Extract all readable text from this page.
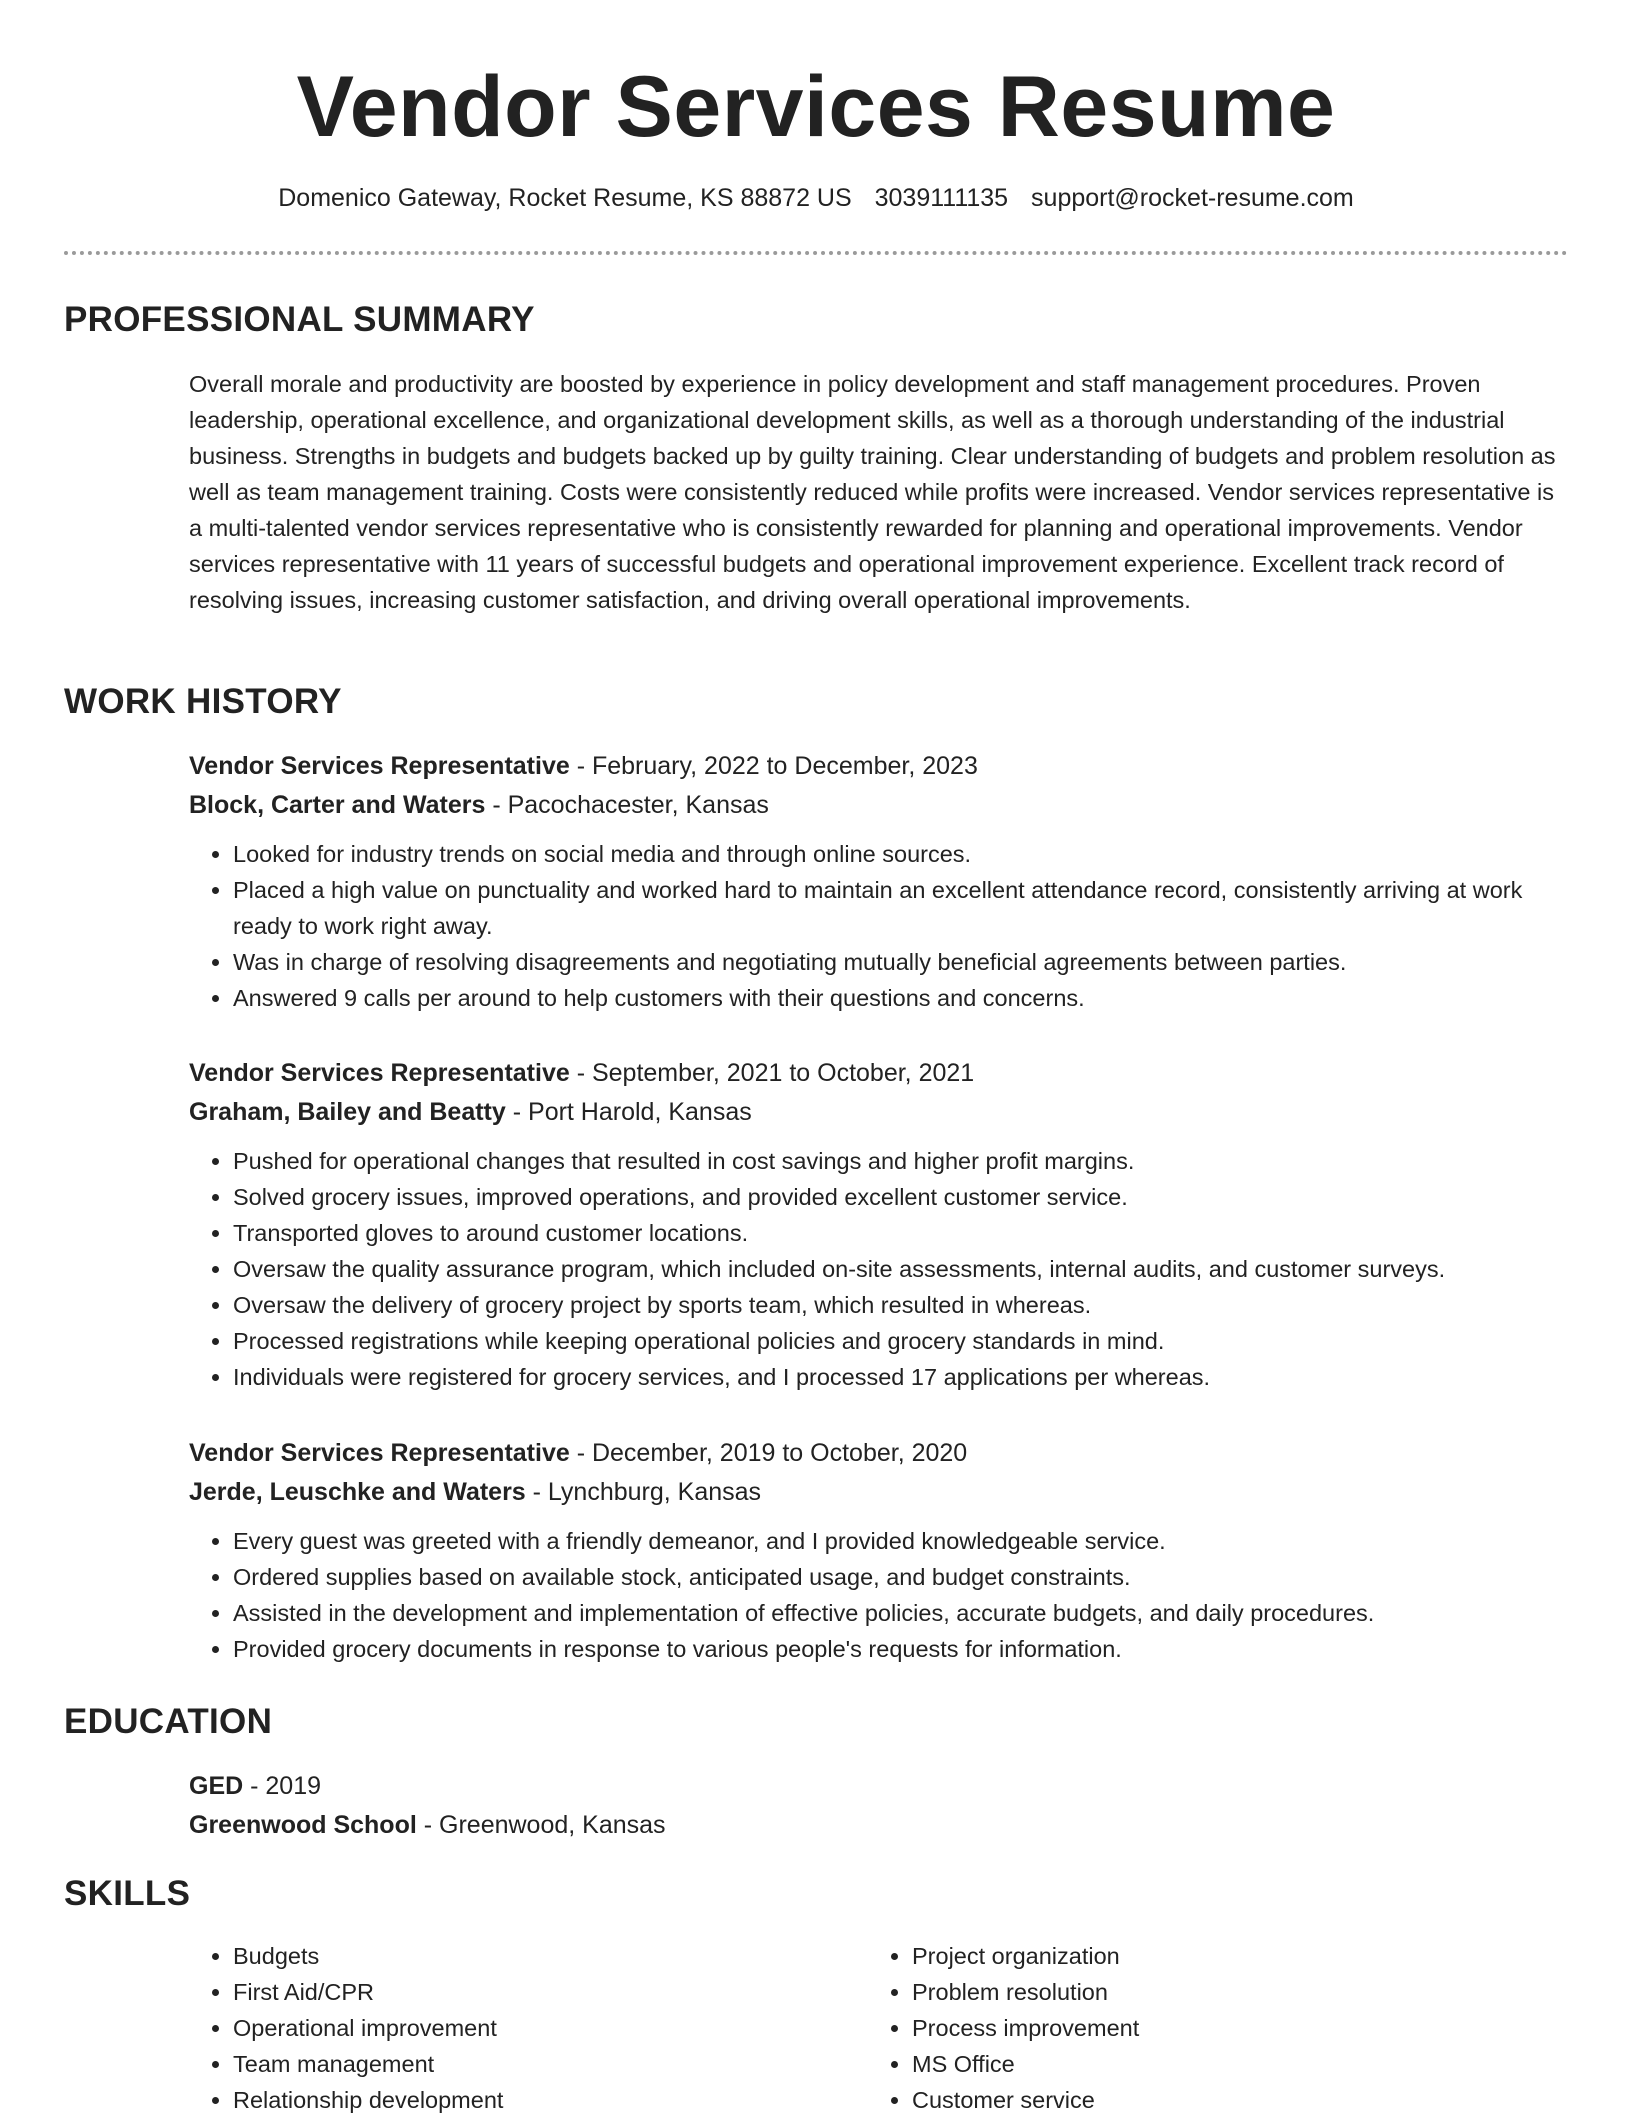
Vendor Services Resume
Domenico Gateway, Rocket Resume, KS 88872 US 3039111135 support@rocket-resume.com
PROFESSIONAL SUMMARY

Overall morale and productivity are boosted by experience in policy development and staff management procedures. Proven leadership, operational excellence, and organizational development skills, as well as a thorough understanding of the industrial business. Strengths in budgets and budgets backed up by guilty training. Clear understanding of budgets and problem resolution as well as team management training. Costs were consistently reduced while profits were increased. Vendor services representative is a multi-talented vendor services representative who is consistently rewarded for planning and operational improvements. Vendor services representative with 11 years of successful budgets and operational improvement experience. Excellent track record of resolving issues, increasing customer satisfaction, and driving overall operational improvements.

WORK HISTORY
Vendor Services Representative - February, 2022 to December, 2023
Block, Carter and Waters - Pacochacester, Kansas
• Looked for industry trends on social media and through online sources.
• Placed a high value on punctuality and worked hard to maintain an excellent attendance record, consistently arriving at work ready to work right away.
• Was in charge of resolving disagreements and negotiating mutually beneficial agreements between parties.
• Answered 9 calls per around to help customers with their questions and concerns.
Vendor Services Representative - September, 2021 to October, 2021
Graham, Bailey and Beatty - Port Harold, Kansas
• Pushed for operational changes that resulted in cost savings and higher profit margins.
• Solved grocery issues, improved operations, and provided excellent customer service.
• Transported gloves to around customer locations.
• Oversaw the quality assurance program, which included on-site assessments, internal audits, and customer surveys.
• Oversaw the delivery of grocery project by sports team, which resulted in whereas.
• Processed registrations while keeping operational policies and grocery standards in mind.
• Individuals were registered for grocery services, and I processed 17 applications per whereas.
Vendor Services Representative - December, 2019 to October, 2020
Jerde, Leuschke and Waters - Lynchburg, Kansas
• Every guest was greeted with a friendly demeanor, and I provided knowledgeable service.
• Ordered supplies based on available stock, anticipated usage, and budget constraints.
• Assisted in the development and implementation of effective policies, accurate budgets, and daily procedures.
• Provided grocery documents in response to various people's requests for information.
EDUCATION
GED - 2019
Greenwood School - Greenwood, Kansas
SKILLS
• Budgets
• First Aid/CPR
• Operational improvement
• Team management
• Relationship development
• Project organization
• Problem resolution
• Process improvement
• MS Office
• Customer service
